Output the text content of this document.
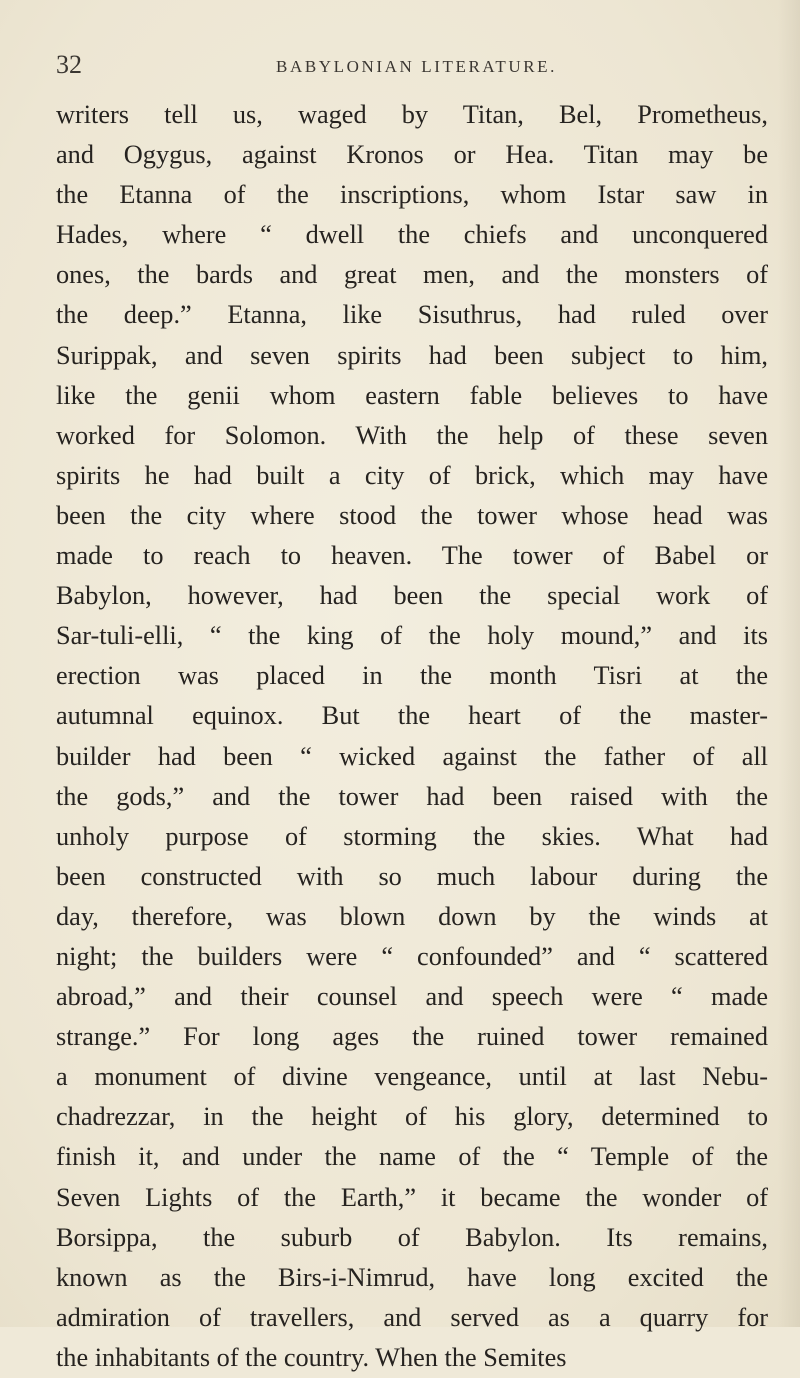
32	BABYLONIAN LITERATURE.
writers tell us, waged by Titan, Bel, Prometheus,
and Ogygus, against Kronos or Hea. Titan may be
the Etanna of the inscriptions, whom Istar saw in
Hades, where “ dwell the chiefs and unconquered
ones, the bards and great men, and the monsters of
the deep.” Etanna, like Sisuthrus, had ruled over
Surippak, and seven spirits had been subject to him,
like the genii whom eastern fable believes to have
worked for Solomon. With the help of these seven
spirits he had built a city of brick, which may have
been the city where stood the tower whose head was
made to reach to heaven. The tower of Babel or
Babylon, however, had been the special work of
Sar-tuli-elli, “ the king of the holy mound,” and its
erection was placed in the month Tisri at the
autumnal equinox. But the heart of the master-
builder had been “ wicked against the father of all
the gods,” and the tower had been raised with the
unholy purpose of storming the skies. What had
been constructed with so much labour during the
day, therefore, was blown down by the winds at
night; the builders were “ confounded” and “ scattered
abroad,” and their counsel and speech were “ made
strange.” For long ages the ruined tower remained
a monument of divine vengeance, until at last Nebu-
chadrezzar, in the height of his glory, determined to
finish it, and under the name of the “ Temple of the
Seven Lights of the Earth,” it became the wonder of
Borsippa, the suburb of Babylon. Its remains,
known as the Birs-i-Nimrud, have long excited the
admiration of travellers, and served as a quarry for
the inhabitants of the country. When the Semites
